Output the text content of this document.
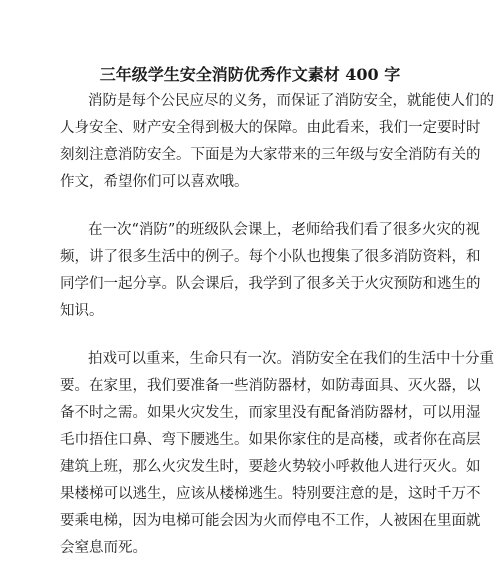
三年级学生安全消防优秀作文素材 400 字
消防是每个公民应尽的义务，而保证了消防安全，就能使人们的
人身安全、财产安全得到极大的保障。由此看来，我们一定要时时
刻刻注意消防安全。下面是为大家带来的三年级与安全消防有关的
作文，希望你们可以喜欢哦。
在一次“消防”的班级队会课上，老师给我们看了很多火灾的视
频，讲了很多生活中的例子。每个小队也搜集了很多消防资料，和
同学们一起分享。队会课后，我学到了很多关于火灾预防和逃生的
知识。
拍戏可以重来，生命只有一次。消防安全在我们的生活中十分重
要。在家里，我们要准备一些消防器材，如防毒面具、灭火器，以
备不时之需。如果火灾发生，而家里没有配备消防器材，可以用湿
毛巾捂住口鼻、弯下腰逃生。如果你家住的是高楼，或者你在高层
建筑上班，那么火灾发生时，要趁火势较小呼救他人进行灭火。如
果楼梯可以逃生，应该从楼梯逃生。特别要注意的是，这时千万不
要乘电梯，因为电梯可能会因为火而停电不工作，人被困在里面就
会窒息而死。
